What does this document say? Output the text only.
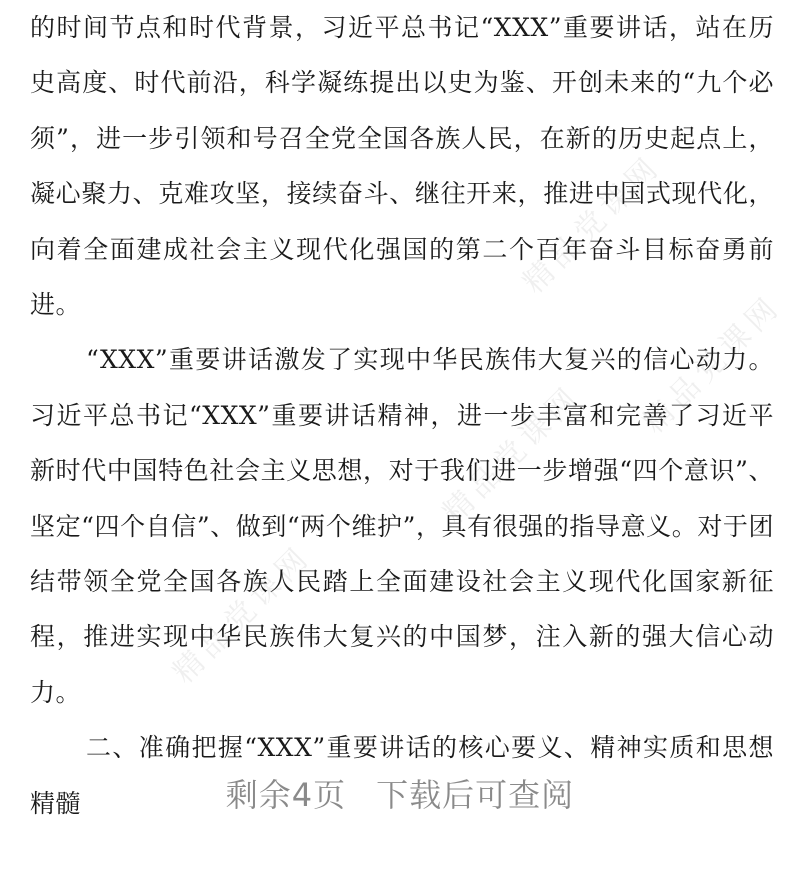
精品党课网
精品党课网
精品党课网
精品党课网

的时间节点和时代背景，习近平总书记“XXX”重要讲话，站在历史高度、时代前沿，科学凝练提出以史为鉴、开创未来的“九个必须”，进一步引领和号召全党全国各族人民，在新的历史起点上，凝心聚力、克难攻坚，接续奋斗、继往开来，推进中国式现代化，向着全面建成社会主义现代化强国的第二个百年奋斗目标奋勇前进。

“XXX”重要讲话激发了实现中华民族伟大复兴的信心动力。习近平总书记“XXX”重要讲话精神，进一步丰富和完善了习近平新时代中国特色社会主义思想，对于我们进一步增强“四个意识”、坚定“四个自信”、做到“两个维护”，具有很强的指导意义。对于团结带领全党全国各族人民踏上全面建设社会主义现代化国家新征程，推进实现中华民族伟大复兴的中国梦，注入新的强大信心动力。

二、准确把握“XXX”重要讲话的核心要义、精神实质和思想精髓	剩余4页 下载后可查阅
